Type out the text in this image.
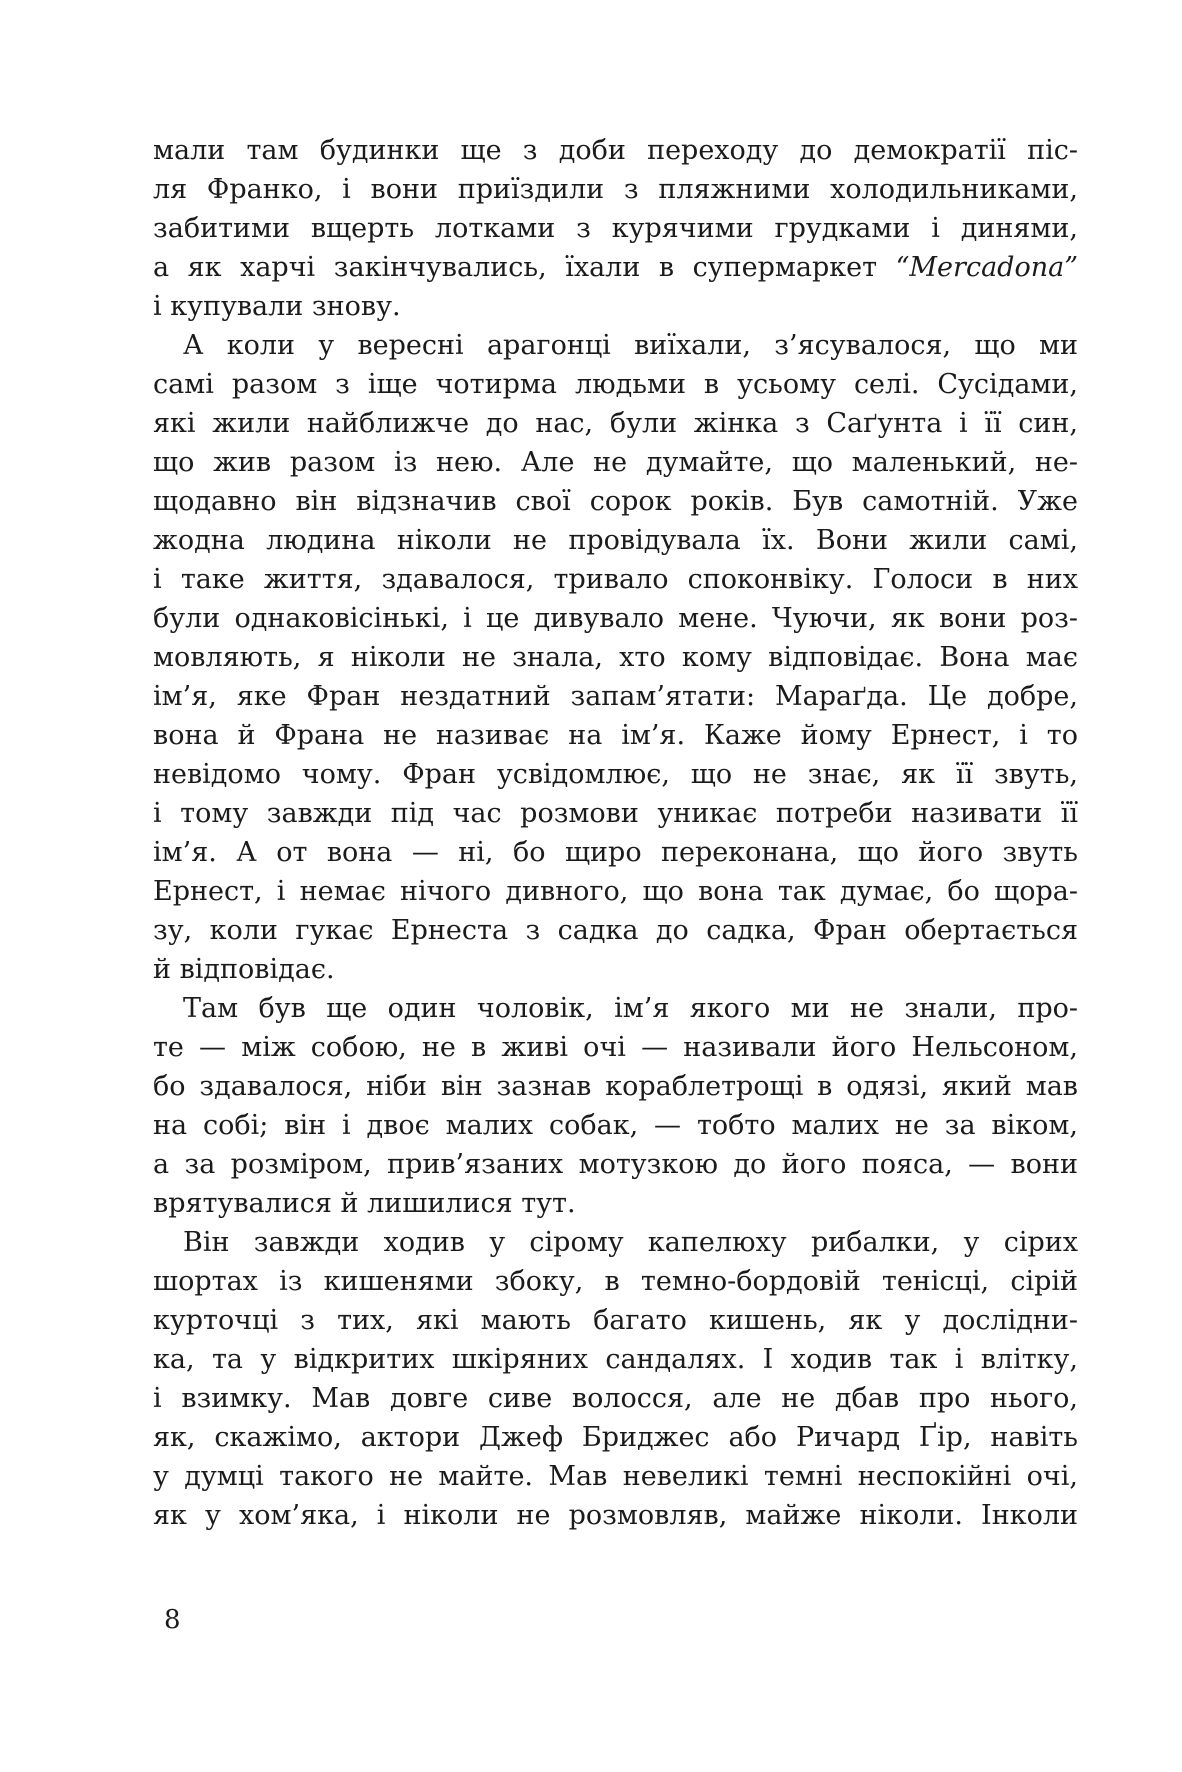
мали там будинки ще з доби переходу до демократії піс-
ля Франко, і вони приїздили з пляжними холодильниками,
забитими вщерть лотками з курячими грудками і динями,
а як харчі закінчувались, їхали в супермаркет “Mercadona”
і купували знову.
А коли у вересні арагонці виїхали, з’ясувалося, що ми
самі разом з іще чотирма людьми в усьому селі. Сусідами,
які жили найближче до нас, були жінка з Саґунта і її син,
що жив разом із нею. Але не думайте, що маленький, не-
щодавно він відзначив свої сорок років. Був самотній. Уже
жодна людина ніколи не провідувала їх. Вони жили самі,
і таке життя, здавалося, тривало споконвіку. Голоси в них
були однаковісінькі, і це дивувало мене. Чуючи, як вони роз-
мовляють, я ніколи не знала, хто кому відповідає. Вона має
ім’я, яке Фран нездатний запам’ятати: Мараґда. Це добре,
вона й Франа не називає на ім’я. Каже йому Ернест, і то
невідомо чому. Фран усвідомлює, що не знає, як її звуть,
і тому завжди під час розмови уникає потреби називати її
ім’я. А от вона — ні, бо щиро переконана, що його звуть
Ернест, і немає нічого дивного, що вона так думає, бо щора-
зу, коли гукає Ернеста з садка до садка, Фран обертається
й відповідає.
Там був ще один чоловік, ім’я якого ми не знали, про-
те — між собою, не в живі очі — називали його Нельсоном,
бо здавалося, ніби він зазнав кораблетрощі в одязі, який мав
на собі; він і двоє малих собак, — тобто малих не за віком,
а за розміром, прив’язаних мотузкою до його пояса, — вони
врятувалися й лишилися тут.
Він завжди ходив у сірому капелюху рибалки, у сірих
шортах із кишенями збоку, в темно-бордовій тенісці, сірій
курточці з тих, які мають багато кишень, як у дослідни-
ка, та у відкритих шкіряних сандалях. І ходив так і влітку,
і взимку. Мав довге сиве волосся, але не дбав про нього,
як, скажімо, актори Джеф Бриджес або Ричард Ґір, навіть
у думці такого не майте. Мав невеликі темні неспокійні очі,
як у хом’яка, і ніколи не розмовляв, майже ніколи. Інколи
8
